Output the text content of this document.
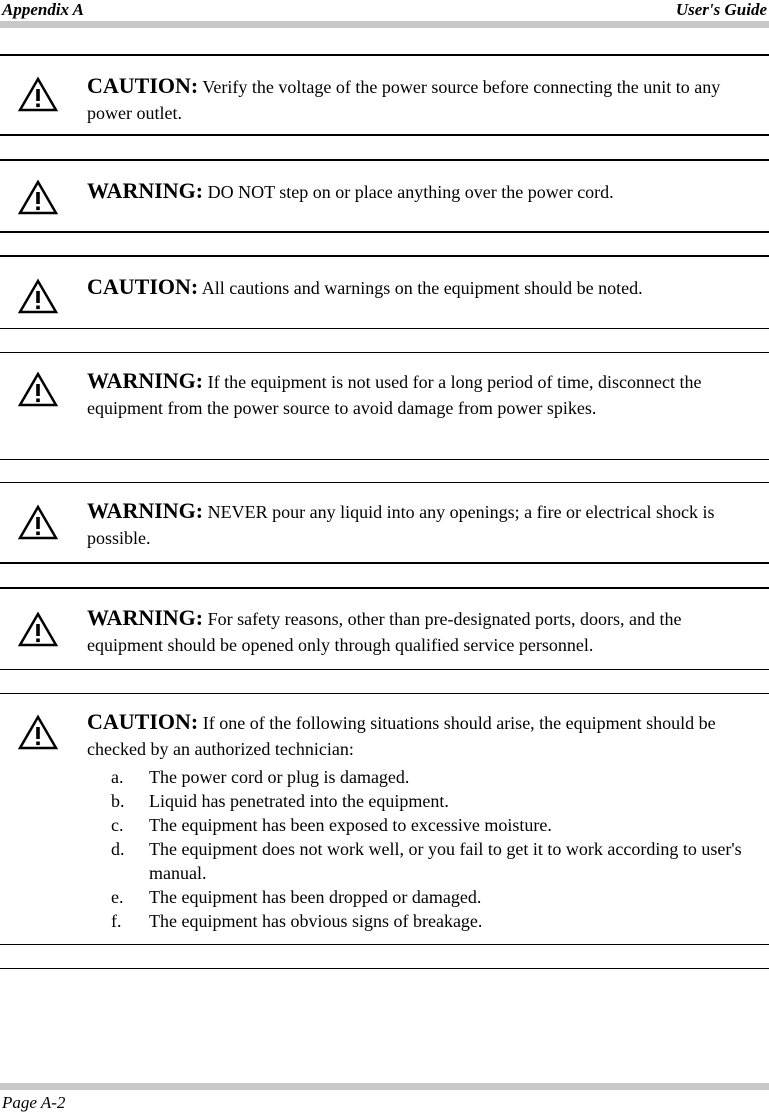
Appendix A	User's Guide
CAUTION: Verify the voltage of the power source before connecting the unit to any power outlet.
WARNING: DO NOT step on or place anything over the power cord.
CAUTION: All cautions and warnings on the equipment should be noted.
WARNING: If the equipment is not used for a long period of time, disconnect the equipment from the power source to avoid damage from power spikes.
WARNING: NEVER pour any liquid into any openings; a fire or electrical shock is possible.
WARNING: For safety reasons, other than pre-designated ports, doors, and the equipment should be opened only through qualified service personnel.
CAUTION: If one of the following situations should arise, the equipment should be checked by an authorized technician:
a. The power cord or plug is damaged.
b. Liquid has penetrated into the equipment.
c. The equipment has been exposed to excessive moisture.
d. The equipment does not work well, or you fail to get it to work according to user's manual.
e. The equipment has been dropped or damaged.
f. The equipment has obvious signs of breakage.
Page A-2
